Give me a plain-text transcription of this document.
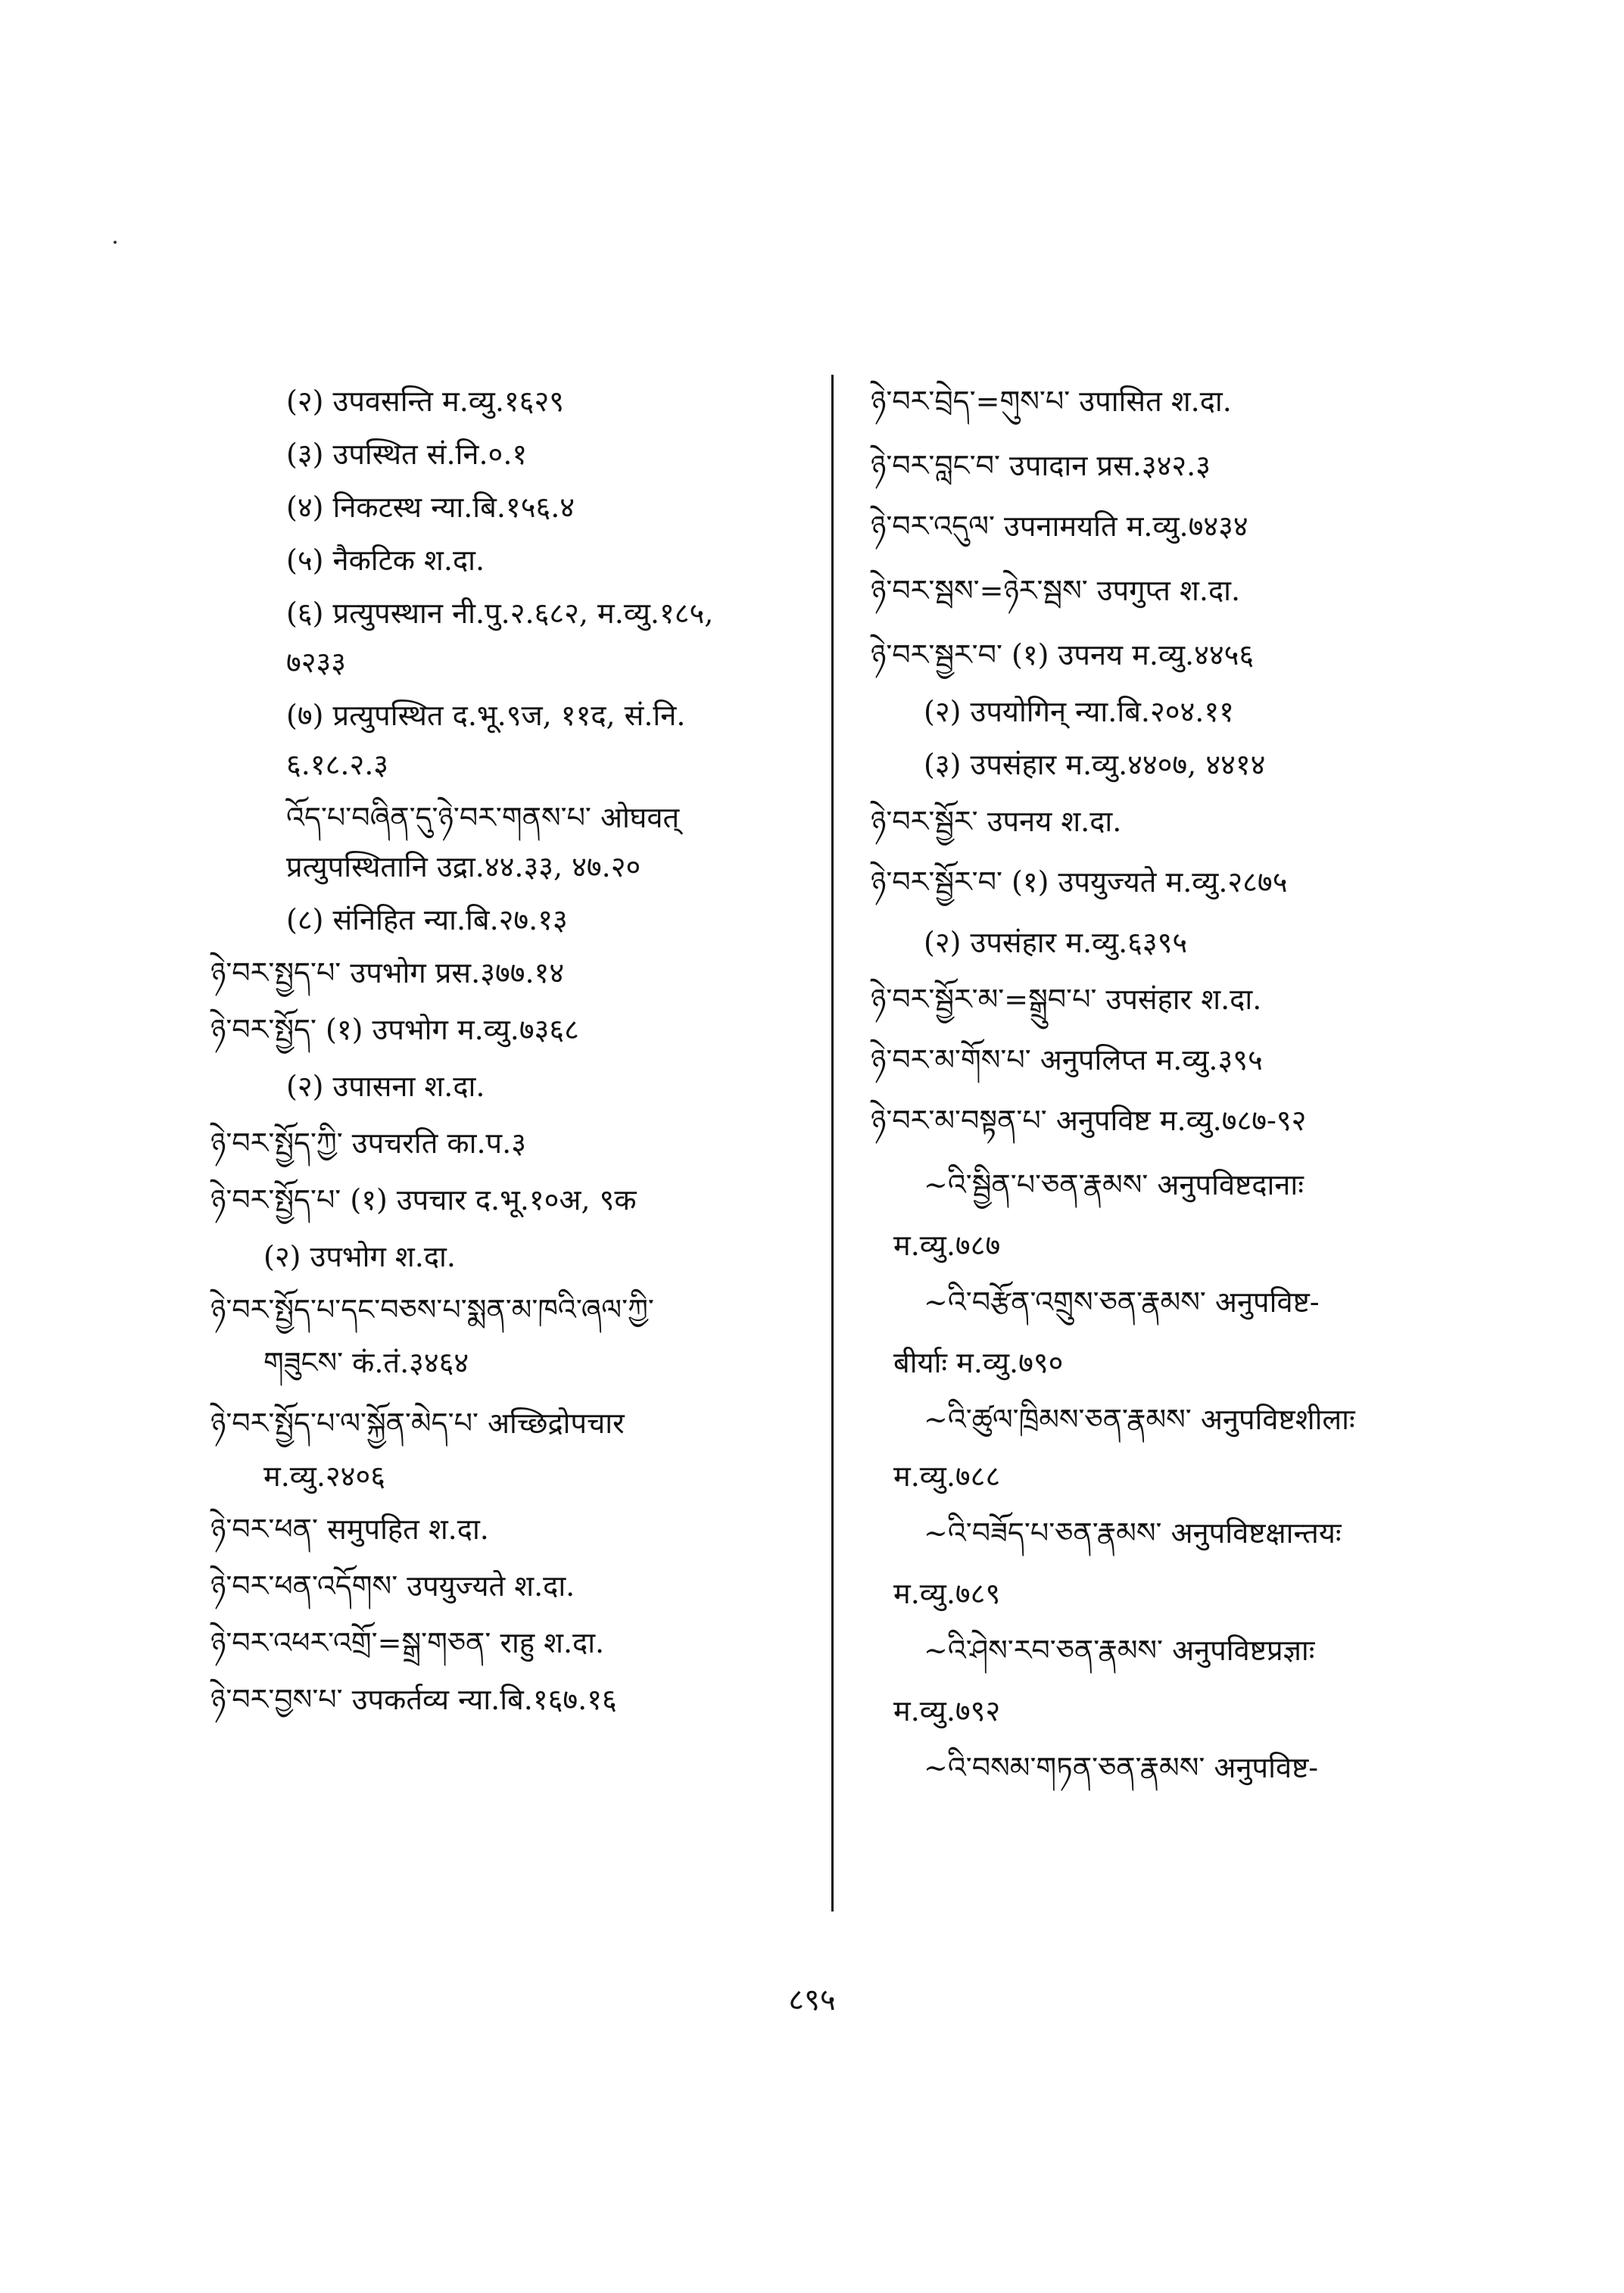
(२) उपवसन्ति म.व्यु.१६२९
(३) उपस्थित सं.नि.०.१
(४) निकटस्थ न्या.बि.१५६.४
(५) नैकटिक श.दा.
(६) प्रत्युपस्थान नी.पु.२.६८२, म.व्यु.१८५,
७२३३
(७) प्रत्युपस्थित द.भू.९ज, ११द, सं.नि.
६.१८.२.३
འོད་པ་བཞིན་དུ་ཉེ་བར་གནས་པ་ ओघवत्
प्रत्युपस्थितानि उद्रा.४४.३३, ४७.२०
(८) संनिहित न्या.बि.२७.१३
ཉེ་བར་སྤྱད་པ་ उपभोग प्रस.३७७.१४
ཉེ་བར་སྤྱོད་ (१) उपभोग म.व्यु.७३६८
(२) उपासना श.दा.
ཉེ་བར་སྤྱོད་ཀྱི་ उपचरति का.प.३
ཉེ་བར་སྤྱོད་པ་ (१) उपचार द.भू.१०अ, ९क
(२) उपभोग श.दा.
ཉེ་བར་སྤྱོད་པ་དང་བཅས་པ་སྨན་མ་ཁའི་ཞལ་ཀྱི་
གཟུངས་ कं.तं.३४६४
ཉེ་བར་སྤྱོད་པ་ལ་སྐྱོན་མེད་པ་ अच्छिद्रोपचार
म.व्यु.२४०६
ཉེ་བར་ཕན་ समुपहित श.दा.
ཉེ་བར་ཕན་འདོགས་ उपयुज्यते श.दा.
ཉེ་བར་འཕར་འགྲོ་=སྒྲ་གཅན་ राहु श.दा.
ཉེ་བར་བྱས་པ་ उपकर्तव्य न्या.बि.१६७.१६
ཉེ་བར་བྲེད་=གུས་པ་ उपासित श.दा.
ཉེ་བར་བླང་བ་ उपादान प्रस.३४२.३
ཉེ་བར་འདུལ་ उपनामयति म.व्यु.७४३४
ཉེ་བར་སྦས་=ཉེར་སྦས་ उपगुप्त श.दा.
ཉེ་བར་སྦྱར་བ་ (१) उपनय म.व्यु.४४५६
(२) उपयोगिन् न्या.बि.२०४.११
(३) उपसंहार म.व्यु.४४०७, ४४१४
ཉེ་བར་སྦྱོར་ उपनय श.दा.
ཉེ་བར་སྦྱོར་བ་ (१) उपयुज्यते म.व्यु.२८७५
(२) उपसंहार म.व्यु.६३९५
ཉེ་བར་སྦྱོར་མ་=སྒྲུབ་པ་ उपसंहार श.दा.
ཉེ་བར་མ་གོས་པ་ अनुपलिप्त म.व्यु.३९५
ཉེ་བར་མ་བསྟན་པ་ अनुपविष्ट म.व्यु.७८७-९२
~འི་སྦྱིན་པ་ཅན་རྣམས་ अनुपविष्टदानाः
म.व्यु.७८७
~འི་བརྩོན་འགྲུས་ཅན་རྣམས་ अनुपविष्ट-
बीर्याः म.व्यु.७९०
~འི་ཚུལ་ཁྲིམས་ཅན་རྣམས་ अनुपविष्टशीलाः
म.व्यु.७८८
~འི་བཟོད་པ་ཅན་རྣམས་ अनुपविष्टक्षान्तयः
म.व्यु.७८९
~འི་ཤེས་རབ་ཅན་རྣམས་ अनुपविष्टप्रज्ञाः
म.व्यु.७९२
~འི་བསམ་གཏན་ཅན་རྣམས་ अनुपविष्ट-
८९५
